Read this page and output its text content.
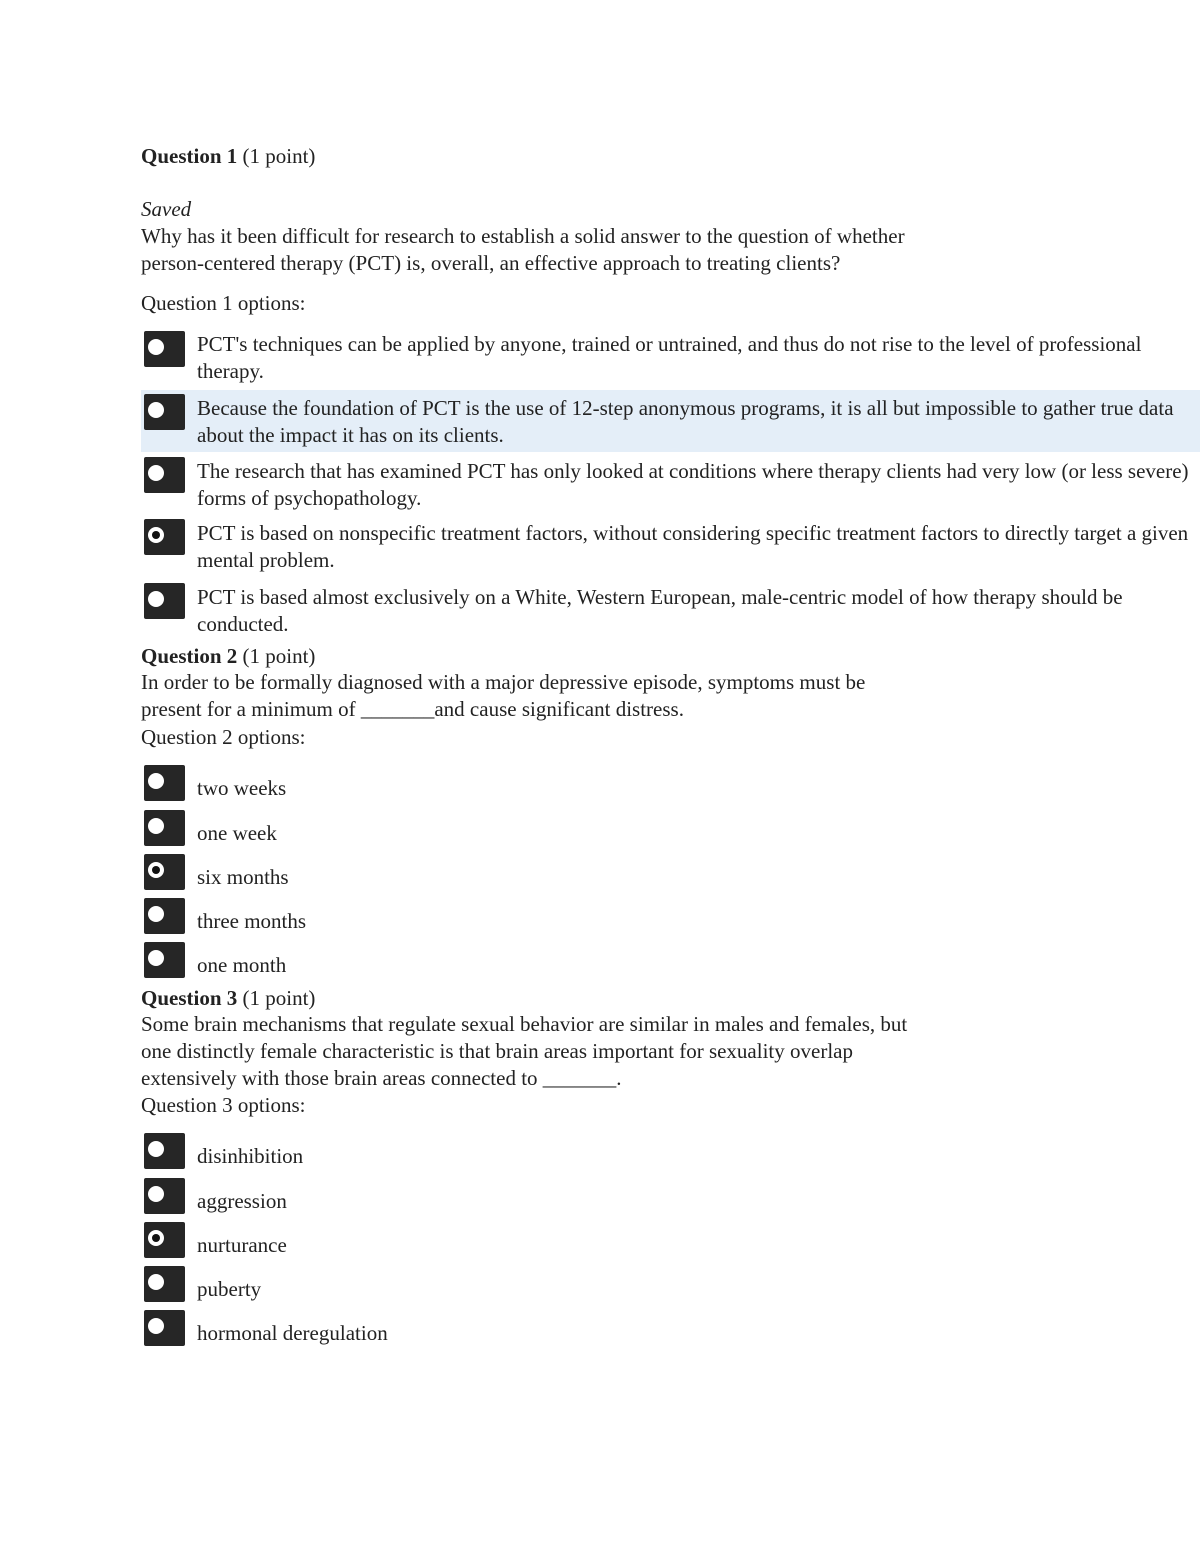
Question 1 (1 point)
Saved
Why has it been difficult for research to establish a solid answer to the question of whether
person-centered therapy (PCT) is, overall, an effective approach to treating clients?
Question 1 options:
PCT's techniques can be applied by anyone, trained or untrained, and thus do not rise to the level of professional therapy.
Because the foundation of PCT is the use of 12-step anonymous programs, it is all but impossible to gather true data about the impact it has on its clients.
The research that has examined PCT has only looked at conditions where therapy clients had very low (or less severe) forms of psychopathology.
PCT is based on nonspecific treatment factors, without considering specific treatment factors to directly target a given mental problem.
PCT is based almost exclusively on a White, Western European, male-centric model of how therapy should be conducted.
Question 2 (1 point)
In order to be formally diagnosed with a major depressive episode, symptoms must be
present for a minimum of _______and cause significant distress.
Question 2 options:
two weeks
one week
six months
three months
one month
Question 3 (1 point)
Some brain mechanisms that regulate sexual behavior are similar in males and females, but
one distinctly female characteristic is that brain areas important for sexuality overlap
extensively with those brain areas connected to _______.
Question 3 options:
disinhibition
aggression
nurturance
puberty
hormonal deregulation
